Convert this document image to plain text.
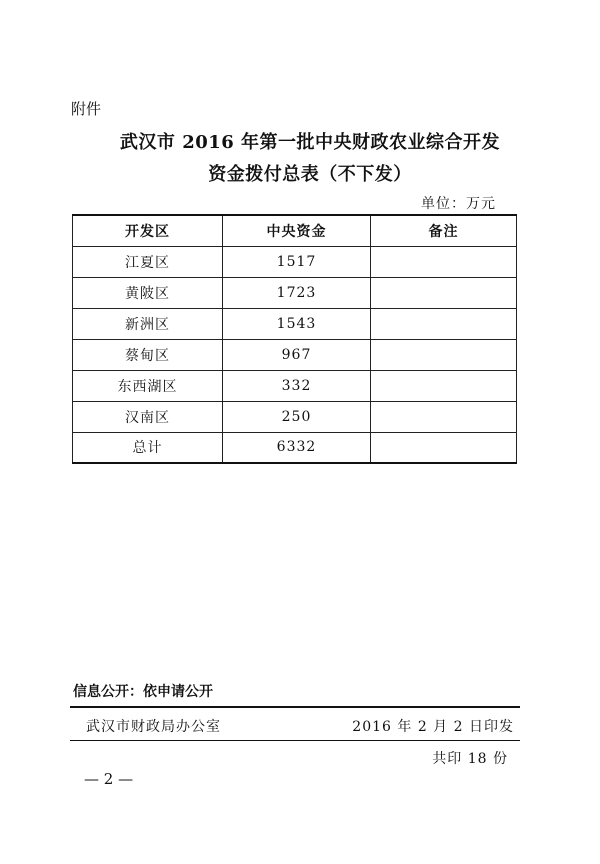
附件
武汉市 2016 年第一批中央财政农业综合开发
资金拨付总表（不下发）
单位：万元
开发区	中央资金	备注
江夏区	1517	
黄陂区	1723	
新洲区	1543	
蔡甸区	967	
东西湖区	332	
汉南区	250	
总计	6332	
信息公开：依申请公开
武汉市财政局办公室	2016 年 2 月 2 日印发
共印 18 份
— 2 —
